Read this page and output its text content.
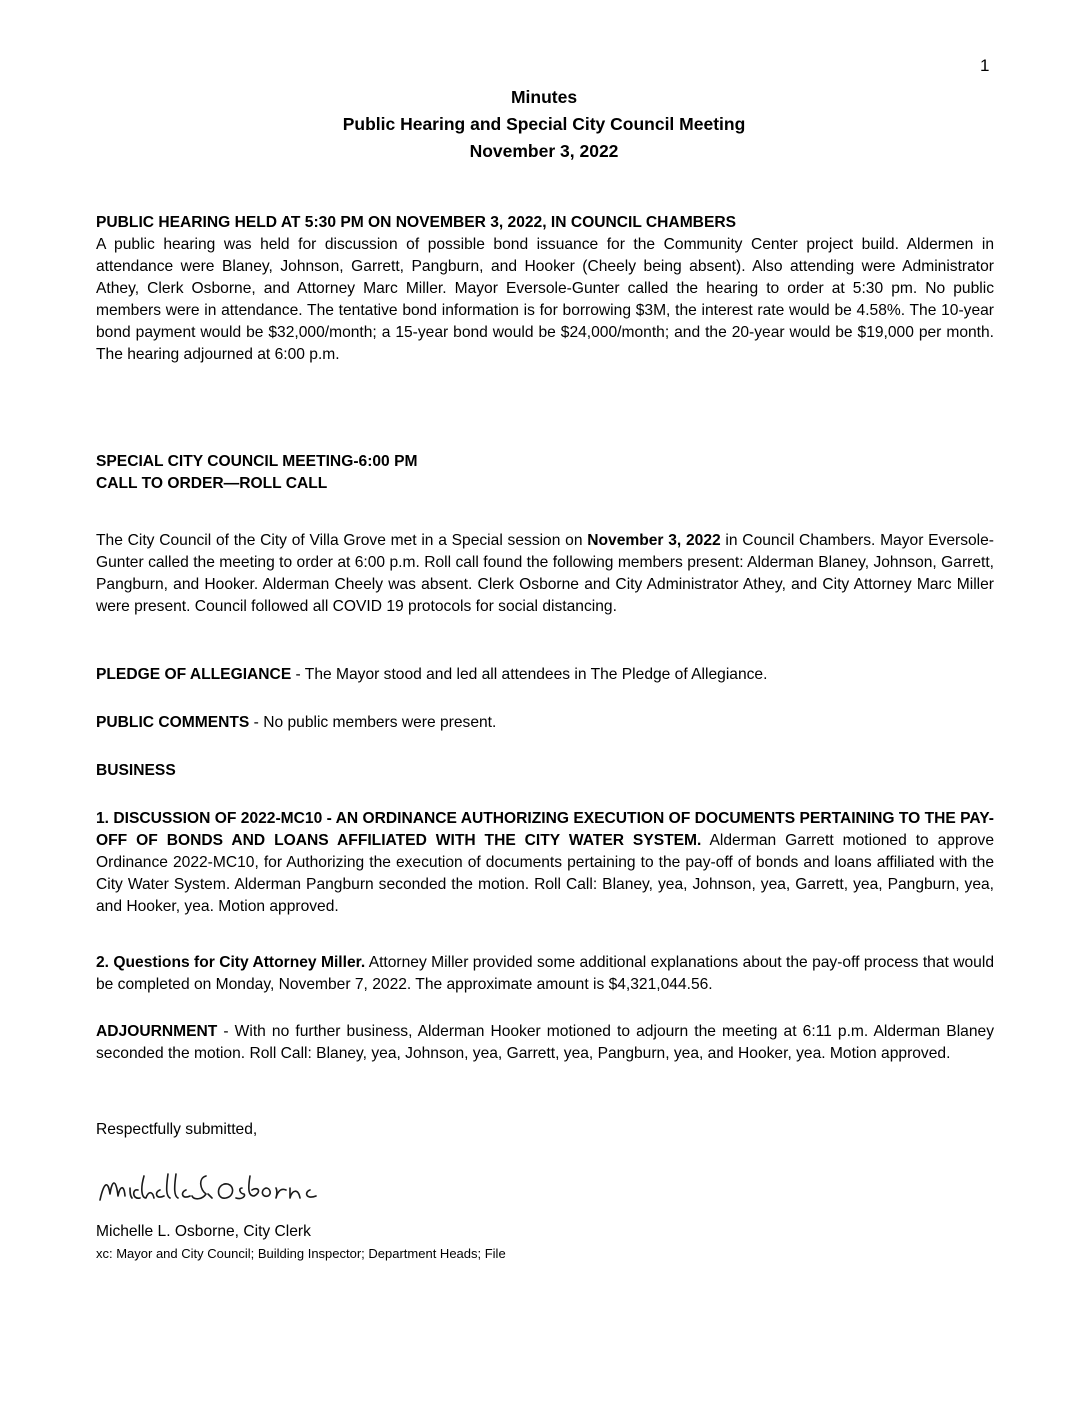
1
Minutes
Public Hearing and Special City Council Meeting
November 3, 2022
PUBLIC HEARING HELD AT 5:30 PM ON NOVEMBER 3, 2022, IN COUNCIL CHAMBERS
A public hearing was held for discussion of possible bond issuance for the Community Center project build. Aldermen in attendance were Blaney, Johnson, Garrett, Pangburn, and Hooker (Cheely being absent). Also attending were Administrator Athey, Clerk Osborne, and Attorney Marc Miller. Mayor Eversole-Gunter called the hearing to order at 5:30 pm. No public members were in attendance. The tentative bond information is for borrowing $3M, the interest rate would be 4.58%. The 10-year bond payment would be $32,000/month; a 15-year bond would be $24,000/month; and the 20-year would be $19,000 per month. The hearing adjourned at 6:00 p.m.
SPECIAL CITY COUNCIL MEETING-6:00 PM
CALL TO ORDER—ROLL CALL
The City Council of the City of Villa Grove met in a Special session on November 3, 2022 in Council Chambers. Mayor Eversole-Gunter called the meeting to order at 6:00 p.m. Roll call found the following members present: Alderman Blaney, Johnson, Garrett, Pangburn, and Hooker. Alderman Cheely was absent. Clerk Osborne and City Administrator Athey, and City Attorney Marc Miller were present. Council followed all COVID 19 protocols for social distancing.
PLEDGE OF ALLEGIANCE - The Mayor stood and led all attendees in The Pledge of Allegiance.
PUBLIC COMMENTS - No public members were present.
BUSINESS
1. DISCUSSION OF 2022-MC10 - AN ORDINANCE AUTHORIZING EXECUTION OF DOCUMENTS PERTAINING TO THE PAY-OFF OF BONDS AND LOANS AFFILIATED WITH THE CITY WATER SYSTEM. Alderman Garrett motioned to approve Ordinance 2022-MC10, for Authorizing the execution of documents pertaining to the pay-off of bonds and loans affiliated with the City Water System. Alderman Pangburn seconded the motion. Roll Call: Blaney, yea, Johnson, yea, Garrett, yea, Pangburn, yea, and Hooker, yea. Motion approved.
2. Questions for City Attorney Miller. Attorney Miller provided some additional explanations about the pay-off process that would be completed on Monday, November 7, 2022. The approximate amount is $4,321,044.56.
ADJOURNMENT - With no further business, Alderman Hooker motioned to adjourn the meeting at 6:11 p.m. Alderman Blaney seconded the motion. Roll Call: Blaney, yea, Johnson, yea, Garrett, yea, Pangburn, yea, and Hooker, yea. Motion approved.
Respectfully submitted,
Michelle L. Osborne, City Clerk
xc: Mayor and City Council; Building Inspector; Department Heads; File
